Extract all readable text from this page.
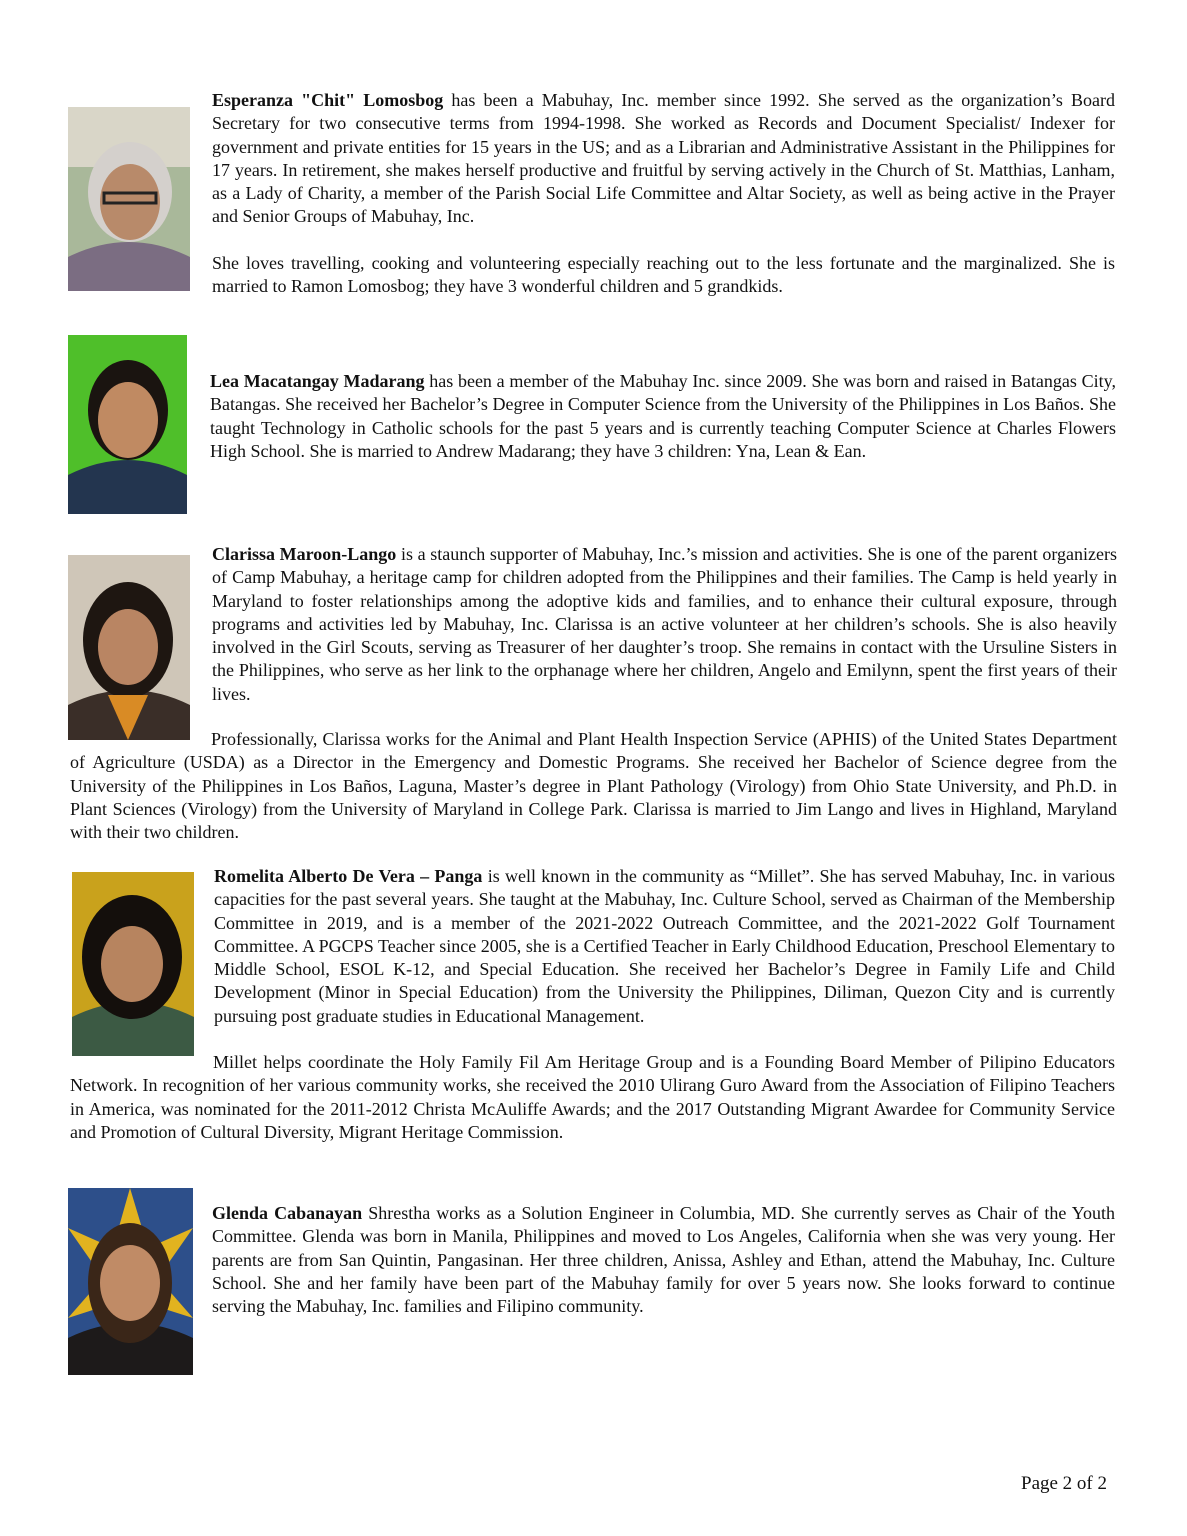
Esperanza "Chit" Lomosbog has been a Mabuhay, Inc. member since 1992. She served as the organization’s Board Secretary for two consecutive terms from 1994-1998. She worked as Records and Document Specialist/ Indexer for government and private entities for 15 years in the US; and as a Librarian and Administrative Assistant in the Philippines for 17 years. In retirement, she makes herself productive and fruitful by serving actively in the Church of St. Matthias, Lanham, as a Lady of Charity, a member of the Parish Social Life Committee and Altar Society, as well as being active in the Prayer and Senior Groups of Mabuhay, Inc.

She loves travelling, cooking and volunteering especially reaching out to the less fortunate and the marginalized. She is married to Ramon Lomosbog; they have 3 wonderful children and 5 grandkids.

Lea Macatangay Madarang has been a member of the Mabuhay Inc. since 2009. She was born and raised in Batangas City, Batangas. She received her Bachelor’s Degree in Computer Science from the University of the Philippines in Los Baños. She taught Technology in Catholic schools for the past 5 years and is currently teaching Computer Science at Charles Flowers High School. She is married to Andrew Madarang; they have 3 children: Yna, Lean & Ean.

Clarissa Maroon-Lango is a staunch supporter of Mabuhay, Inc.’s mission and activities. She is one of the parent organizers of Camp Mabuhay, a heritage camp for children adopted from the Philippines and their families. The Camp is held yearly in Maryland to foster relationships among the adoptive kids and families, and to enhance their cultural exposure, through programs and activities led by Mabuhay, Inc. Clarissa is an active volunteer at her children’s schools. She is also heavily involved in the Girl Scouts, serving as Treasurer of her daughter’s troop. She remains in contact with the Ursuline Sisters in the Philippines, who serve as her link to the orphanage where her children, Angelo and Emilynn, spent the first years of their lives.

Professionally, Clarissa works for the Animal and Plant Health Inspection Service (APHIS) of the United States Department of Agriculture (USDA) as a Director in the Emergency and Domestic Programs. She received her Bachelor of Science degree from the University of the Philippines in Los Baños, Laguna, Master’s degree in Plant Pathology (Virology) from Ohio State University, and Ph.D. in Plant Sciences (Virology) from the University of Maryland in College Park. Clarissa is married to Jim Lango and lives in Highland, Maryland with their two children.

Romelita Alberto De Vera – Panga is well known in the community as “Millet”. She has served Mabuhay, Inc. in various capacities for the past several years. She taught at the Mabuhay, Inc. Culture School, served as Chairman of the Membership Committee in 2019, and is a member of the 2021-2022 Outreach Committee, and the 2021-2022 Golf Tournament Committee. A PGCPS Teacher since 2005, she is a Certified Teacher in Early Childhood Education, Preschool Elementary to Middle School, ESOL K-12, and Special Education. She received her Bachelor’s Degree in Family Life and Child Development (Minor in Special Education) from the University the Philippines, Diliman, Quezon City and is currently pursuing post graduate studies in Educational Management.

Millet helps coordinate the Holy Family Fil Am Heritage Group and is a Founding Board Member of Pilipino Educators Network. In recognition of her various community works, she received the 2010 Ulirang Guro Award from the Association of Filipino Teachers in America, was nominated for the 2011-2012 Christa McAuliffe Awards; and the 2017 Outstanding Migrant Awardee for Community Service and Promotion of Cultural Diversity, Migrant Heritage Commission.

Glenda Cabanayan Shrestha works as a Solution Engineer in Columbia, MD. She currently serves as Chair of the Youth Committee. Glenda was born in Manila, Philippines and moved to Los Angeles, California when she was very young. Her parents are from San Quintin, Pangasinan. Her three children, Anissa, Ashley and Ethan, attend the Mabuhay, Inc. Culture School. She and her family have been part of the Mabuhay family for over 5 years now. She looks forward to continue serving the Mabuhay, Inc. families and Filipino community.

Page 2 of 2
